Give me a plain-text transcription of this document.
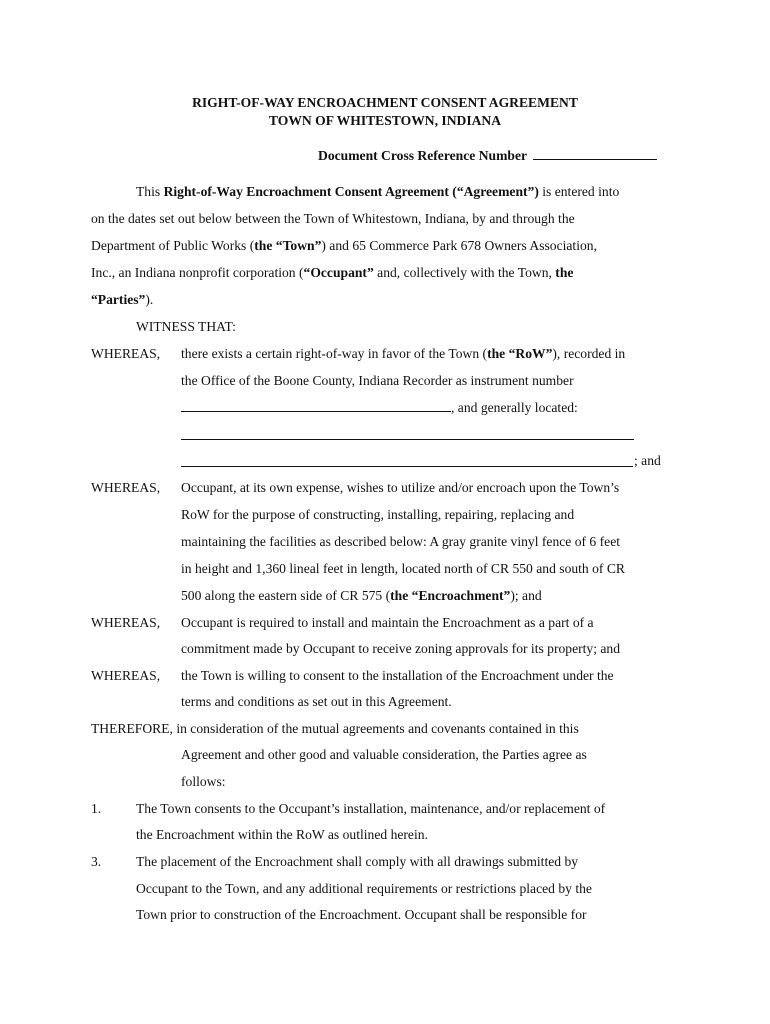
RIGHT-OF-WAY ENCROACHMENT CONSENT AGREEMENT
TOWN OF WHITESTOWN, INDIANA
Document Cross Reference Number
This Right-of-Way Encroachment Consent Agreement (“Agreement”) is entered into
on the dates set out below between the Town of Whitestown, Indiana, by and through the
Department of Public Works (the “Town”) and 65 Commerce Park 678 Owners Association,
Inc., an Indiana nonprofit corporation (“Occupant” and, collectively with the Town, the
“Parties”).
WITNESS THAT:
WHEREAS, there exists a certain right-of-way in favor of the Town (the “RoW”), recorded in
the Office of the Boone County, Indiana Recorder as instrument number
, and generally located:
; and
WHEREAS, Occupant, at its own expense, wishes to utilize and/or encroach upon the Town’s
RoW for the purpose of constructing, installing, repairing, replacing and
maintaining the facilities as described below: A gray granite vinyl fence of 6 feet
in height and 1,360 lineal feet in length, located north of CR 550 and south of CR
500 along the eastern side of CR 575 (the “Encroachment”); and
WHEREAS, Occupant is required to install and maintain the Encroachment as a part of a
commitment made by Occupant to receive zoning approvals for its property; and
WHEREAS, the Town is willing to consent to the installation of the Encroachment under the
terms and conditions as set out in this Agreement.
THEREFORE, in consideration of the mutual agreements and covenants contained in this
Agreement and other good and valuable consideration, the Parties agree as
follows:
1.	The Town consents to the Occupant’s installation, maintenance, and/or replacement of
the Encroachment within the RoW as outlined herein.
3.	The placement of the Encroachment shall comply with all drawings submitted by
Occupant to the Town, and any additional requirements or restrictions placed by the
Town prior to construction of the Encroachment. Occupant shall be responsible for
